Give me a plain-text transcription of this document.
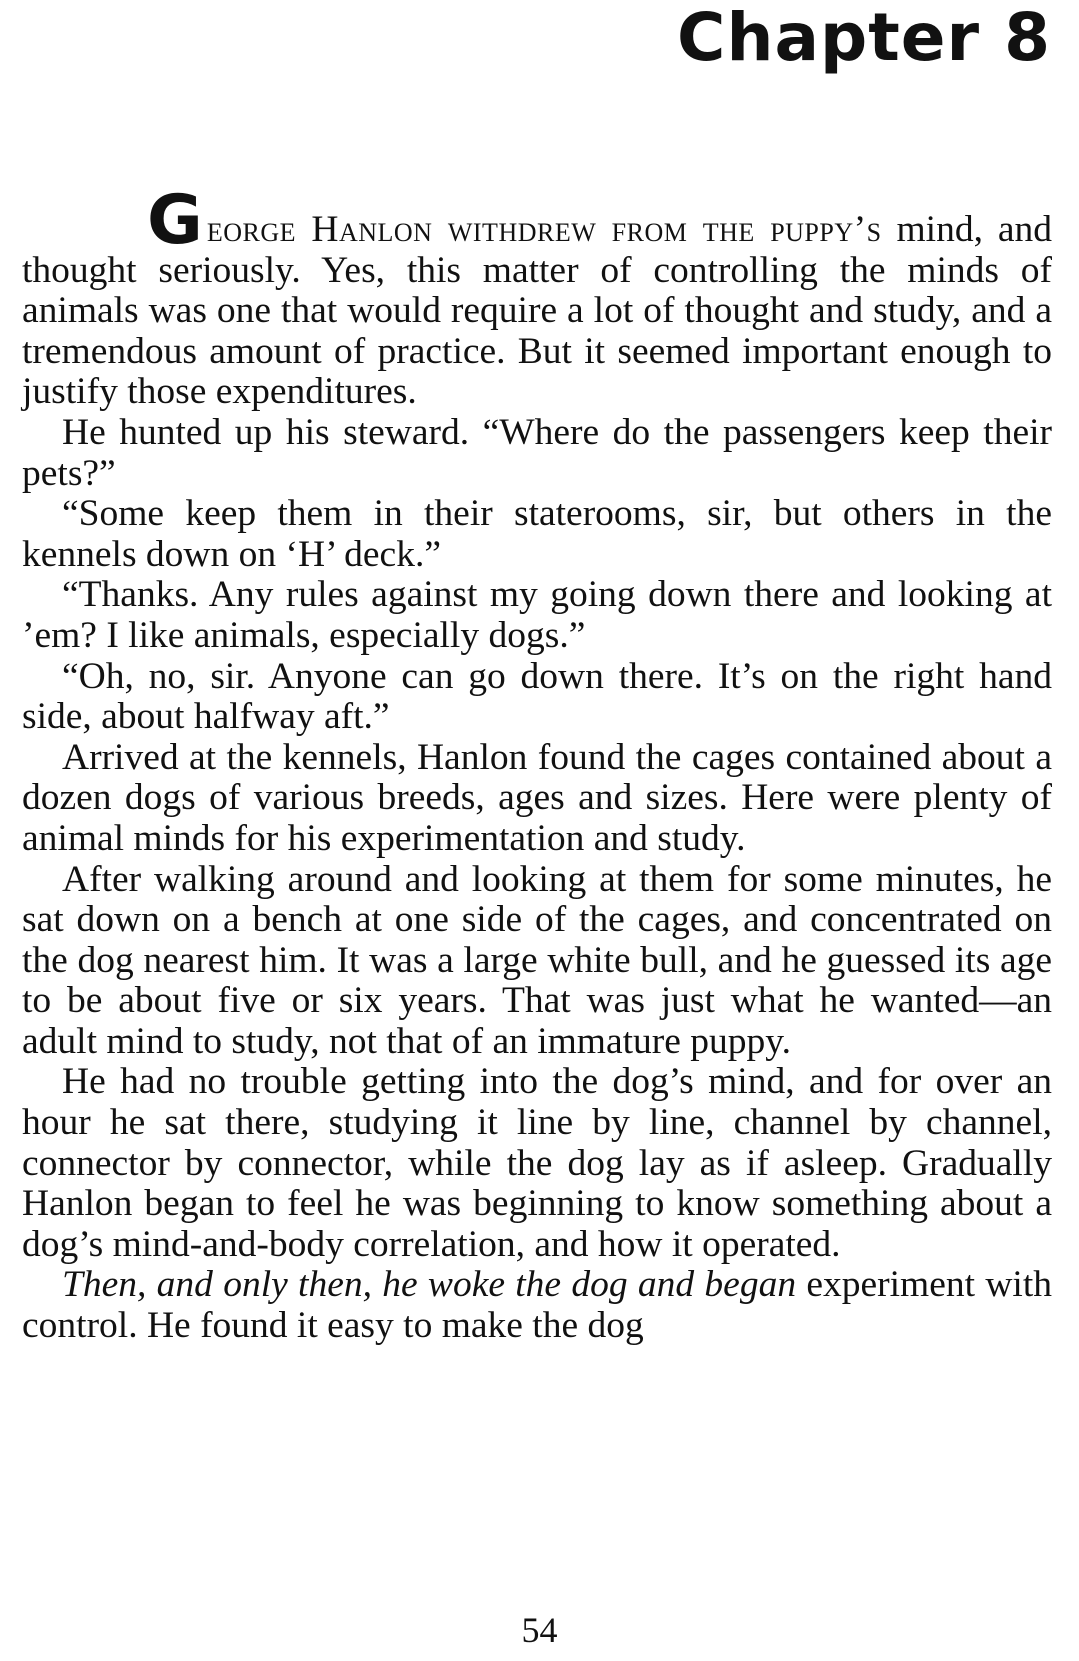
Chapter 8

George Hanlon withdrew from the puppy’s mind, and thought seriously. Yes, this matter of controlling the minds of animals was one that would require a lot of thought and study, and a tremendous amount of practice. But it seemed important enough to justify those expenditures.

He hunted up his steward. “Where do the passengers keep their pets?”

“Some keep them in their staterooms, sir, but others in the kennels down on ‘H’ deck.”

“Thanks. Any rules against my going down there and looking at ’em? I like animals, especially dogs.”

“Oh, no, sir. Anyone can go down there. It’s on the right hand side, about halfway aft.”

Arrived at the kennels, Hanlon found the cages contained about a dozen dogs of various breeds, ages and sizes. Here were plenty of animal minds for his experimentation and study.

After walking around and looking at them for some minutes, he sat down on a bench at one side of the cages, and concentrated on the dog nearest him. It was a large white bull, and he guessed its age to be about five or six years. That was just what he wanted—an adult mind to study, not that of an immature puppy.

He had no trouble getting into the dog’s mind, and for over an hour he sat there, studying it line by line, channel by channel, connector by connector, while the dog lay as if asleep. Gradually Hanlon began to feel he was beginning to know something about a dog’s mind-and-body correlation, and how it operated.

Then, and only then, he woke the dog and began experiment with control. He found it easy to make the dog

54
